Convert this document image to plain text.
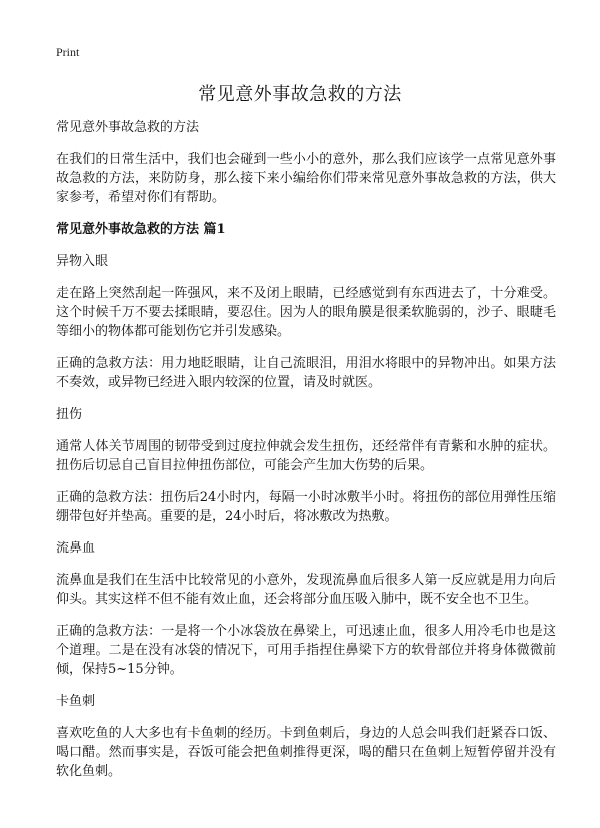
Print
常见意外事故急救的方法

常见意外事故急救的方法

在我们的日常生活中，我们也会碰到一些小小的意外，那么我们应该学一点常见意外事故急救的方法，来防防身，那么接下来小编给你们带来常见意外事故急救的方法，供大家参考，希望对你们有帮助。

常见意外事故急救的方法 篇1

异物入眼

走在路上突然刮起一阵强风，来不及闭上眼睛，已经感觉到有东西进去了，十分难受。这个时候千万不要去揉眼睛，要忍住。因为人的眼角膜是很柔软脆弱的，沙子、眼睫毛等细小的物体都可能划伤它并引发感染。

正确的急救方法：用力地眨眼睛，让自己流眼泪，用泪水将眼中的异物冲出。如果方法不奏效，或异物已经进入眼内较深的位置，请及时就医。

扭伤

通常人体关节周围的韧带受到过度拉伸就会发生扭伤，还经常伴有青紫和水肿的症状。扭伤后切忌自己盲目拉伸扭伤部位，可能会产生加大伤势的后果。

正确的急救方法：扭伤后24小时内，每隔一小时冰敷半小时。将扭伤的部位用弹性压缩绷带包好并垫高。重要的是，24小时后，将冰敷改为热敷。

流鼻血

流鼻血是我们在生活中比较常见的小意外，发现流鼻血后很多人第一反应就是用力向后仰头。其实这样不但不能有效止血，还会将部分血压吸入肺中，既不安全也不卫生。

正确的急救方法：一是将一个小冰袋放在鼻梁上，可迅速止血，很多人用冷毛巾也是这个道理。二是在没有冰袋的情况下，可用手指捏住鼻梁下方的软骨部位并将身体微微前倾，保持5~15分钟。

卡鱼刺

喜欢吃鱼的人大多也有卡鱼刺的经历。卡到鱼刺后，身边的人总会叫我们赶紧吞口饭、喝口醋。然而事实是，吞饭可能会把鱼刺推得更深，喝的醋只在鱼刺上短暂停留并没有软化鱼刺。
